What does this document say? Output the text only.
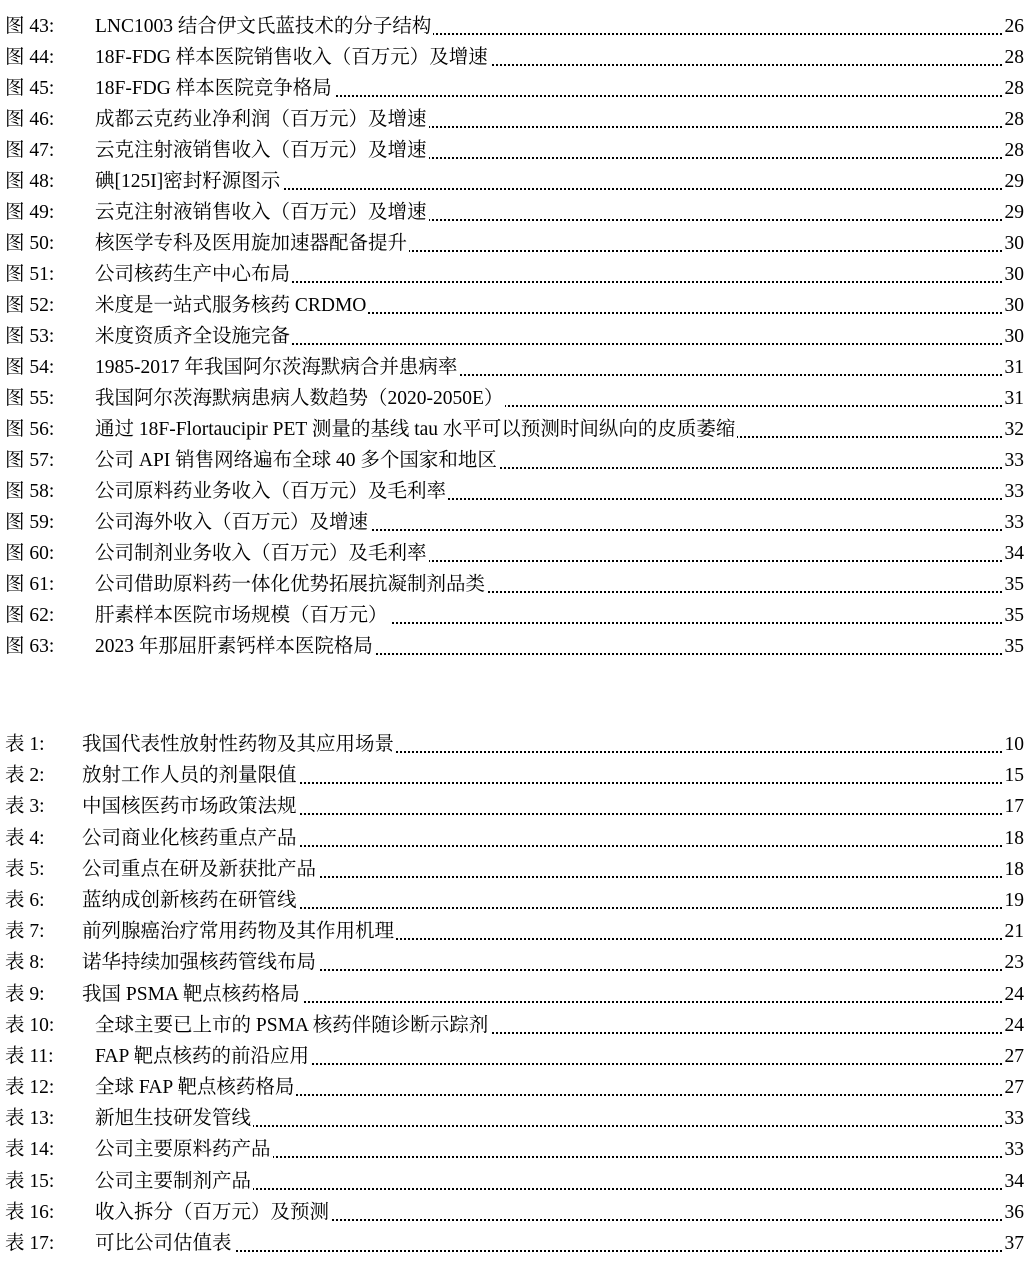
图 43: LNC1003 结合伊文氏蓝技术的分子结构	26
图 44: 18F-FDG 样本医院销售收入（百万元）及增速	28
图 45: 18F-FDG 样本医院竞争格局	28
图 46: 成都云克药业净利润（百万元）及增速	28
图 47: 云克注射液销售收入（百万元）及增速	28
图 48: 碘[125I]密封籽源图示	29
图 49: 云克注射液销售收入（百万元）及增速	29
图 50: 核医学专科及医用旋加速器配备提升	30
图 51: 公司核药生产中心布局	30
图 52: 米度是一站式服务核药 CRDMO	30
图 53: 米度资质齐全设施完备	30
图 54: 1985-2017 年我国阿尔茨海默病合并患病率	31
图 55: 我国阿尔茨海默病患病人数趋势（2020-2050E）	31
图 56: 通过 18F-Flortaucipir PET 测量的基线 tau 水平可以预测时间纵向的皮质萎缩	32
图 57: 公司 API 销售网络遍布全球 40 多个国家和地区	33
图 58: 公司原料药业务收入（百万元）及毛利率	33
图 59: 公司海外收入（百万元）及增速	33
图 60: 公司制剂业务收入（百万元）及毛利率	34
图 61: 公司借助原料药一体化优势拓展抗凝制剂品类	35
图 62: 肝素样本医院市场规模（百万元）	35
图 63: 2023 年那屈肝素钙样本医院格局	35
表 1: 我国代表性放射性药物及其应用场景	10
表 2: 放射工作人员的剂量限值	15
表 3: 中国核医药市场政策法规	17
表 4: 公司商业化核药重点产品	18
表 5: 公司重点在研及新获批产品	18
表 6: 蓝纳成创新核药在研管线	19
表 7: 前列腺癌治疗常用药物及其作用机理	21
表 8: 诺华持续加强核药管线布局	23
表 9: 我国 PSMA 靶点核药格局	24
表 10: 全球主要已上市的 PSMA 核药伴随诊断示踪剂	24
表 11: FAP 靶点核药的前沿应用	27
表 12: 全球 FAP 靶点核药格局	27
表 13: 新旭生技研发管线	33
表 14: 公司主要原料药产品	33
表 15: 公司主要制剂产品	34
表 16: 收入拆分（百万元）及预测	36
表 17: 可比公司估值表	37
